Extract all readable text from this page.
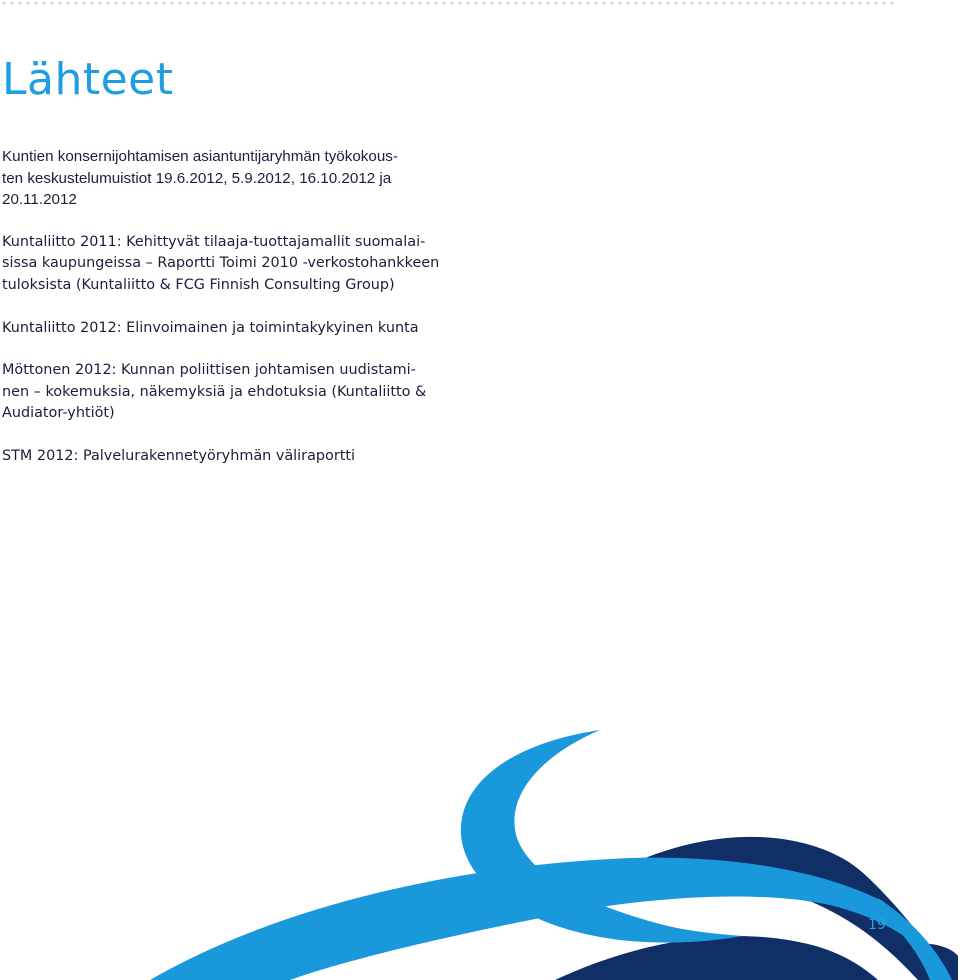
Lähteet
Kuntien konsernijohtamisen asiantuntijaryhmän työkokous-
ten keskustelumuistiot 19.6.2012, 5.9.2012, 16.10.2012 ja
20.11.2012
Kuntaliitto 2011: Kehittyvät tilaaja-tuottajamallit suomalai-
sissa kaupungeissa – Raportti Toimi 2010 -verkostohankkeen
tuloksista (Kuntaliitto & FCG Finnish Consulting Group)
Kuntaliitto 2012: Elinvoimainen ja toimintakykyinen kunta
Möttonen 2012: Kunnan poliittisen johtamisen uudistami-
nen – kokemuksia, näkemyksiä ja ehdotuksia (Kuntaliitto &
Audiator-yhtiöt)
STM 2012: Palvelurakennetyöryhmän väliraportti
19
